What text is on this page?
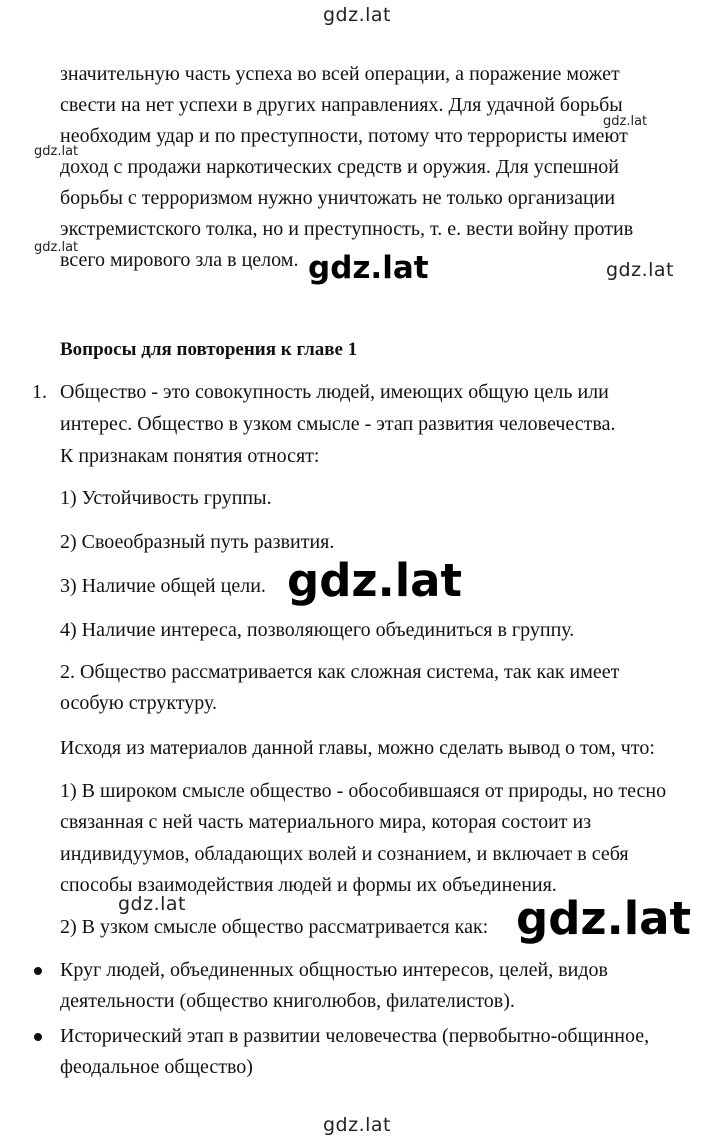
gdz.lat
gdz.lat
gdz.lat
gdz.lat
gdz.lat
значительную часть успеха во всей операции, а поражение может
свести на нет успехи в других направлениях. Для удачной борьбы
необходим удар и по преступности, потому что террористы имеют
доход с продажи наркотических средств и оружия. Для успешной
борьбы с терроризмом нужно уничтожать не только организации
экстремистского толка, но и преступность, т. е. вести войну против
всего мирового зла в целом. gdz.lat
Вопросы для повторения к главе 1
1. Общество - это совокупность людей, имеющих общую цель или
интерес. Общество в узком смысле - этап развития человечества.
К признакам понятия относят:
1) Устойчивость группы.
2) Своеобразный путь развития.
3) Наличие общей цели. gdz.lat
4) Наличие интереса, позволяющего объединиться в группу.
2. Общество рассматривается как сложная система, так как имеет
особую структуру.
Исходя из материалов данной главы, можно сделать вывод о том, что:
1) В широком смысле общество - обособившаяся от природы, но тесно
связанная с ней часть материального мира, которая состоит из
индивидуумов, обладающих волей и сознанием, и включает в себя
способы взаимодействия людей и формы их объединения.
gdz.lat
2) В узком смысле общество рассматривается как: gdz.lat
Круг людей, объединенных общностью интересов, целей, видов
деятельности (общество книголюбов, филателистов).
Исторический этап в развитии человечества (первобытно-общинное,
феодальное общество)
gdz.lat
